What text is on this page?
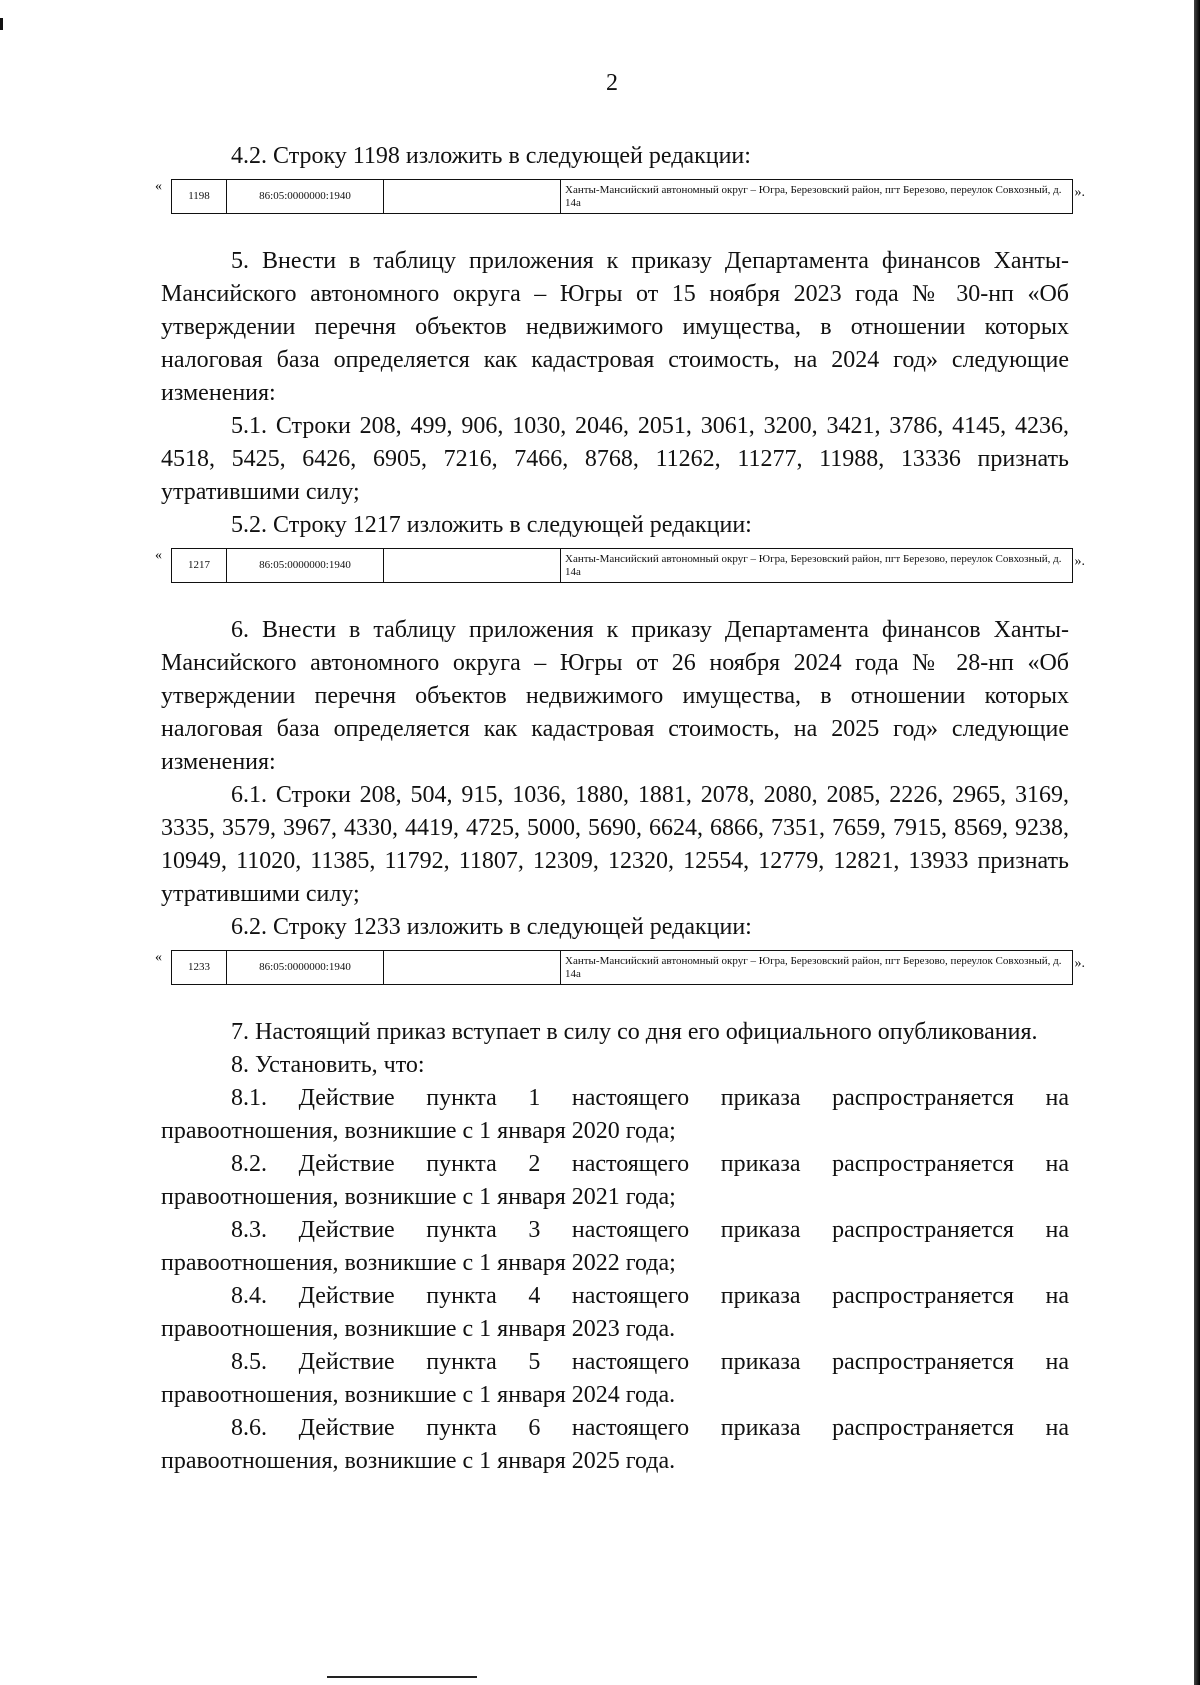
2

4.2. Строку 1198 изложить в следующей редакции:

«
1198	86:05:0000000:1940		Ханты-Мансийский автономный округ – Югра, Березовский район, пгт Березово, переулок Совхозный, д. 14а
».

5. Внести в таблицу приложения к приказу Департамента финансов Ханты-Мансийского автономного округа – Югры от 15 ноября 2023 года № 30-нп «Об утверждении перечня объектов недвижимого имущества, в отношении которых налоговая база определяется как кадастровая стоимость, на 2024 год» следующие изменения:

5.1. Строки 208, 499, 906, 1030, 2046, 2051, 3061, 3200, 3421, 3786, 4145, 4236, 4518, 5425, 6426, 6905, 7216, 7466, 8768, 11262, 11277, 11988, 13336 признать утратившими силу;

5.2. Строку 1217 изложить в следующей редакции:

«
1217	86:05:0000000:1940		Ханты-Мансийский автономный округ – Югра, Березовский район, пгт Березово, переулок Совхозный, д. 14а
».

6. Внести в таблицу приложения к приказу Департамента финансов Ханты-Мансийского автономного округа – Югры от 26 ноября 2024 года № 28-нп «Об утверждении перечня объектов недвижимого имущества, в отношении которых налоговая база определяется как кадастровая стоимость, на 2025 год» следующие изменения:

6.1. Строки 208, 504, 915, 1036, 1880, 1881, 2078, 2080, 2085, 2226, 2965, 3169, 3335, 3579, 3967, 4330, 4419, 4725, 5000, 5690, 6624, 6866, 7351, 7659, 7915, 8569, 9238, 10949, 11020, 11385, 11792, 11807, 12309, 12320, 12554, 12779, 12821, 13933 признать утратившими силу;

6.2. Строку 1233 изложить в следующей редакции:

«
1233	86:05:0000000:1940		Ханты-Мансийский автономный округ – Югра, Березовский район, пгт Березово, переулок Совхозный, д. 14а
».

7. Настоящий приказ вступает в силу со дня его официального опубликования.

8. Установить, что:

8.1. Действие пункта 1 настоящего приказа распространяется на правоотношения, возникшие с 1 января 2020 года;

8.2. Действие пункта 2 настоящего приказа распространяется на правоотношения, возникшие с 1 января 2021 года;

8.3. Действие пункта 3 настоящего приказа распространяется на правоотношения, возникшие с 1 января 2022 года;

8.4. Действие пункта 4 настоящего приказа распространяется на правоотношения, возникшие с 1 января 2023 года.

8.5. Действие пункта 5 настоящего приказа распространяется на правоотношения, возникшие с 1 января 2024 года.

8.6. Действие пункта 6 настоящего приказа распространяется на правоотношения, возникшие с 1 января 2025 года.
